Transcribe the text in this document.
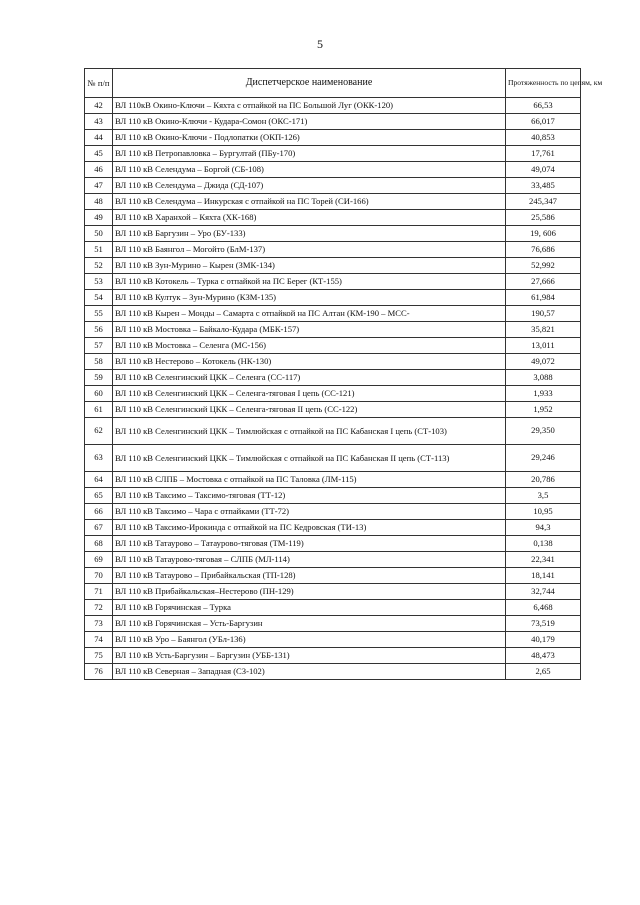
5
№ п/п	Диспетчерское наименование	Протяженность по цепям, км
42	ВЛ 110кВ Окино-Ключи – Кяхта с отпайкой на ПС Большой Луг (ОКК-120)	66,53
43	ВЛ 110 кВ Окино-Ключи - Кудара-Сомон (ОКС-171)	66,017
44	ВЛ 110 кВ Окино-Ключи - Подлопатки (ОКП-126)	40,853
45	ВЛ 110 кВ Петропавловка – Бургултай (ПБу-170)	17,761
46	ВЛ 110 кВ Селендума – Боргой (СБ-108)	49,074
47	ВЛ 110 кВ Селендума – Джида (СД-107)	33,485
48	ВЛ 110 кВ Селендума – Инкурская с отпайкой на ПС Торей (СИ-166)	245,347
49	ВЛ 110 кВ Харанхой – Кяхта (ХК-168)	25,586
50	ВЛ 110 кВ Баргузин – Уро (БУ-133)	19, 606
51	ВЛ 110 кВ Баянгол – Могойто (БлМ-137)	76,686
52	ВЛ 110 кВ Зун-Мурино – Кырен (ЗМК-134)	52,992
53	ВЛ 110 кВ Котокель – Турка с отпайкой на ПС Берег (КТ-155)	27,666
54	ВЛ 110 кВ Култук – Зун-Мурино (КЗМ-135)	61,984
55	ВЛ 110 кВ Кырен – Монды – Самарта с отпайкой на ПС Алтан (КМ-190 – МСС-	190,57
56	ВЛ 110 кВ Мостовка – Байкало-Кудара (МБК-157)	35,821
57	ВЛ 110 кВ Мостовка – Селенга (МС-156)	13,011
58	ВЛ 110 кВ Нестерово – Котокель (НК-130)	49,072
59	ВЛ 110 кВ Селенгинский ЦКК – Селенга (СС-117)	3,088
60	ВЛ 110 кВ Селенгинский ЦКК – Селенга-тяговая I цепь (СС-121)	1,933
61	ВЛ 110 кВ Селенгинский ЦКК – Селенга-тяговая II цепь (СС-122)	1,952
62	ВЛ 110 кВ Селенгинский ЦКК – Тимлюйская с отпайкой на ПС Кабанская I цепь (СТ-103)	29,350
63	ВЛ 110 кВ Селенгинский ЦКК – Тимлюйская с отпайкой на ПС Кабанская II цепь (СТ-113)	29,246
64	ВЛ 110 кВ СЛПБ – Мостовка с отпайкой на ПС Таловка (ЛМ-115)	20,786
65	ВЛ 110 кВ Таксимо – Таксимо-тяговая (ТТ-12)	3,5
66	ВЛ 110 кВ Таксимо – Чара с отпайками (ТТ-72)	10,95
67	ВЛ 110 кВ Таксимо-Ирокинда с отпайкой на ПС Кедровская (ТИ-13)	94,3
68	ВЛ 110 кВ Татаурово – Татаурово-тяговая (ТМ-119)	0,138
69	ВЛ 110 кВ Татаурово-тяговая – СЛПБ (МЛ-114)	22,341
70	ВЛ 110 кВ Татаурово – Прибайкальская (ТП-128)	18,141
71	ВЛ 110 кВ Прибайкальская–Нестерово (ПН-129)	32,744
72	ВЛ 110 кВ Горячинская – Турка	6,468
73	ВЛ 110 кВ Горячинская – Усть-Баргузин	73,519
74	ВЛ 110 кВ Уро – Баянгол (УБл-136)	40,179
75	ВЛ 110 кВ Усть-Баргузин – Баргузин (УББ-131)	48,473
76	ВЛ 110 кВ Северная – Западная (СЗ-102)	2,65
